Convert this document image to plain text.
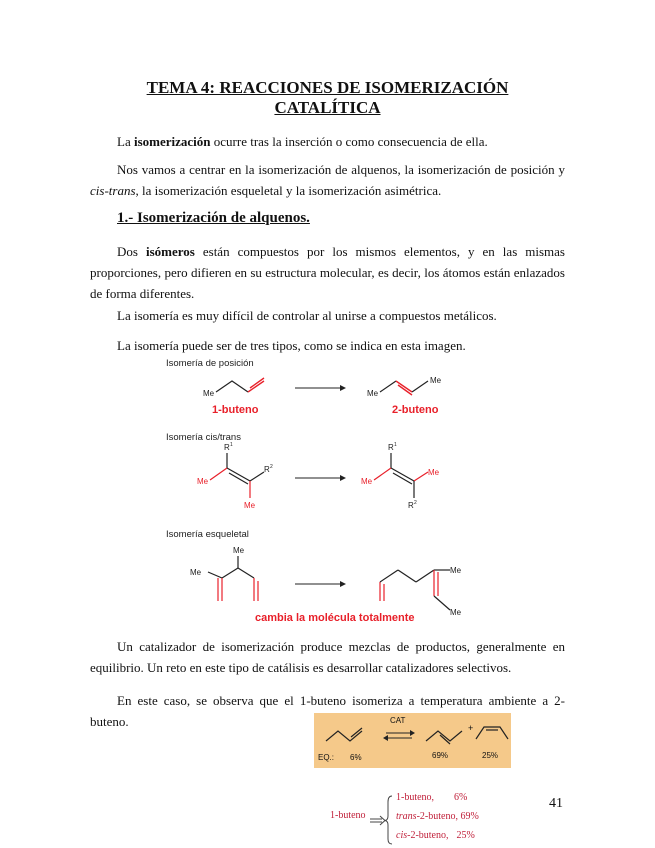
TEMA 4: REACCIONES DE ISOMERIZACIÓN
CATALÍTICA
La isomerización ocurre tras la inserción o como consecuencia de ella.
Nos vamos a centrar en la isomerización de alquenos, la isomerización de posición y cis-trans, la isomerización esqueletal y la isomerización asimétrica.
1.- Isomerización de alquenos.
Dos isómeros están compuestos por los mismos elementos, y en las mismas proporciones, pero difieren en su estructura molecular, es decir, los átomos están enlazados de forma diferentes.
La isomería es muy difícil de controlar al unirse a compuestos metálicos.
La isomería puede ser de tres tipos, como se indica en esta imagen.
Isomería de posición
Isomería cis/trans
Isomería esqueletal
1-buteno	2-buteno
cambia la molécula totalmente
Me	Me
Me
R 1
R 2
Me
Me
R 1
Me
Me
R 2
Me
Me	Me
Me
Un catalizador de isomerización produce mezclas de productos, generalmente en equilibrio. Un reto en este tipo de catálisis es desarrollar catalizadores selectivos.
En este caso, se observa que el 1-buteno isomeriza a temperatura ambiente a 2-buteno.	CAT
+
EQ.: 6%	69%	25%
1-buteno
1-buteno, 6%
trans-2-buteno, 69%
cis-2-buteno, 25%
41
